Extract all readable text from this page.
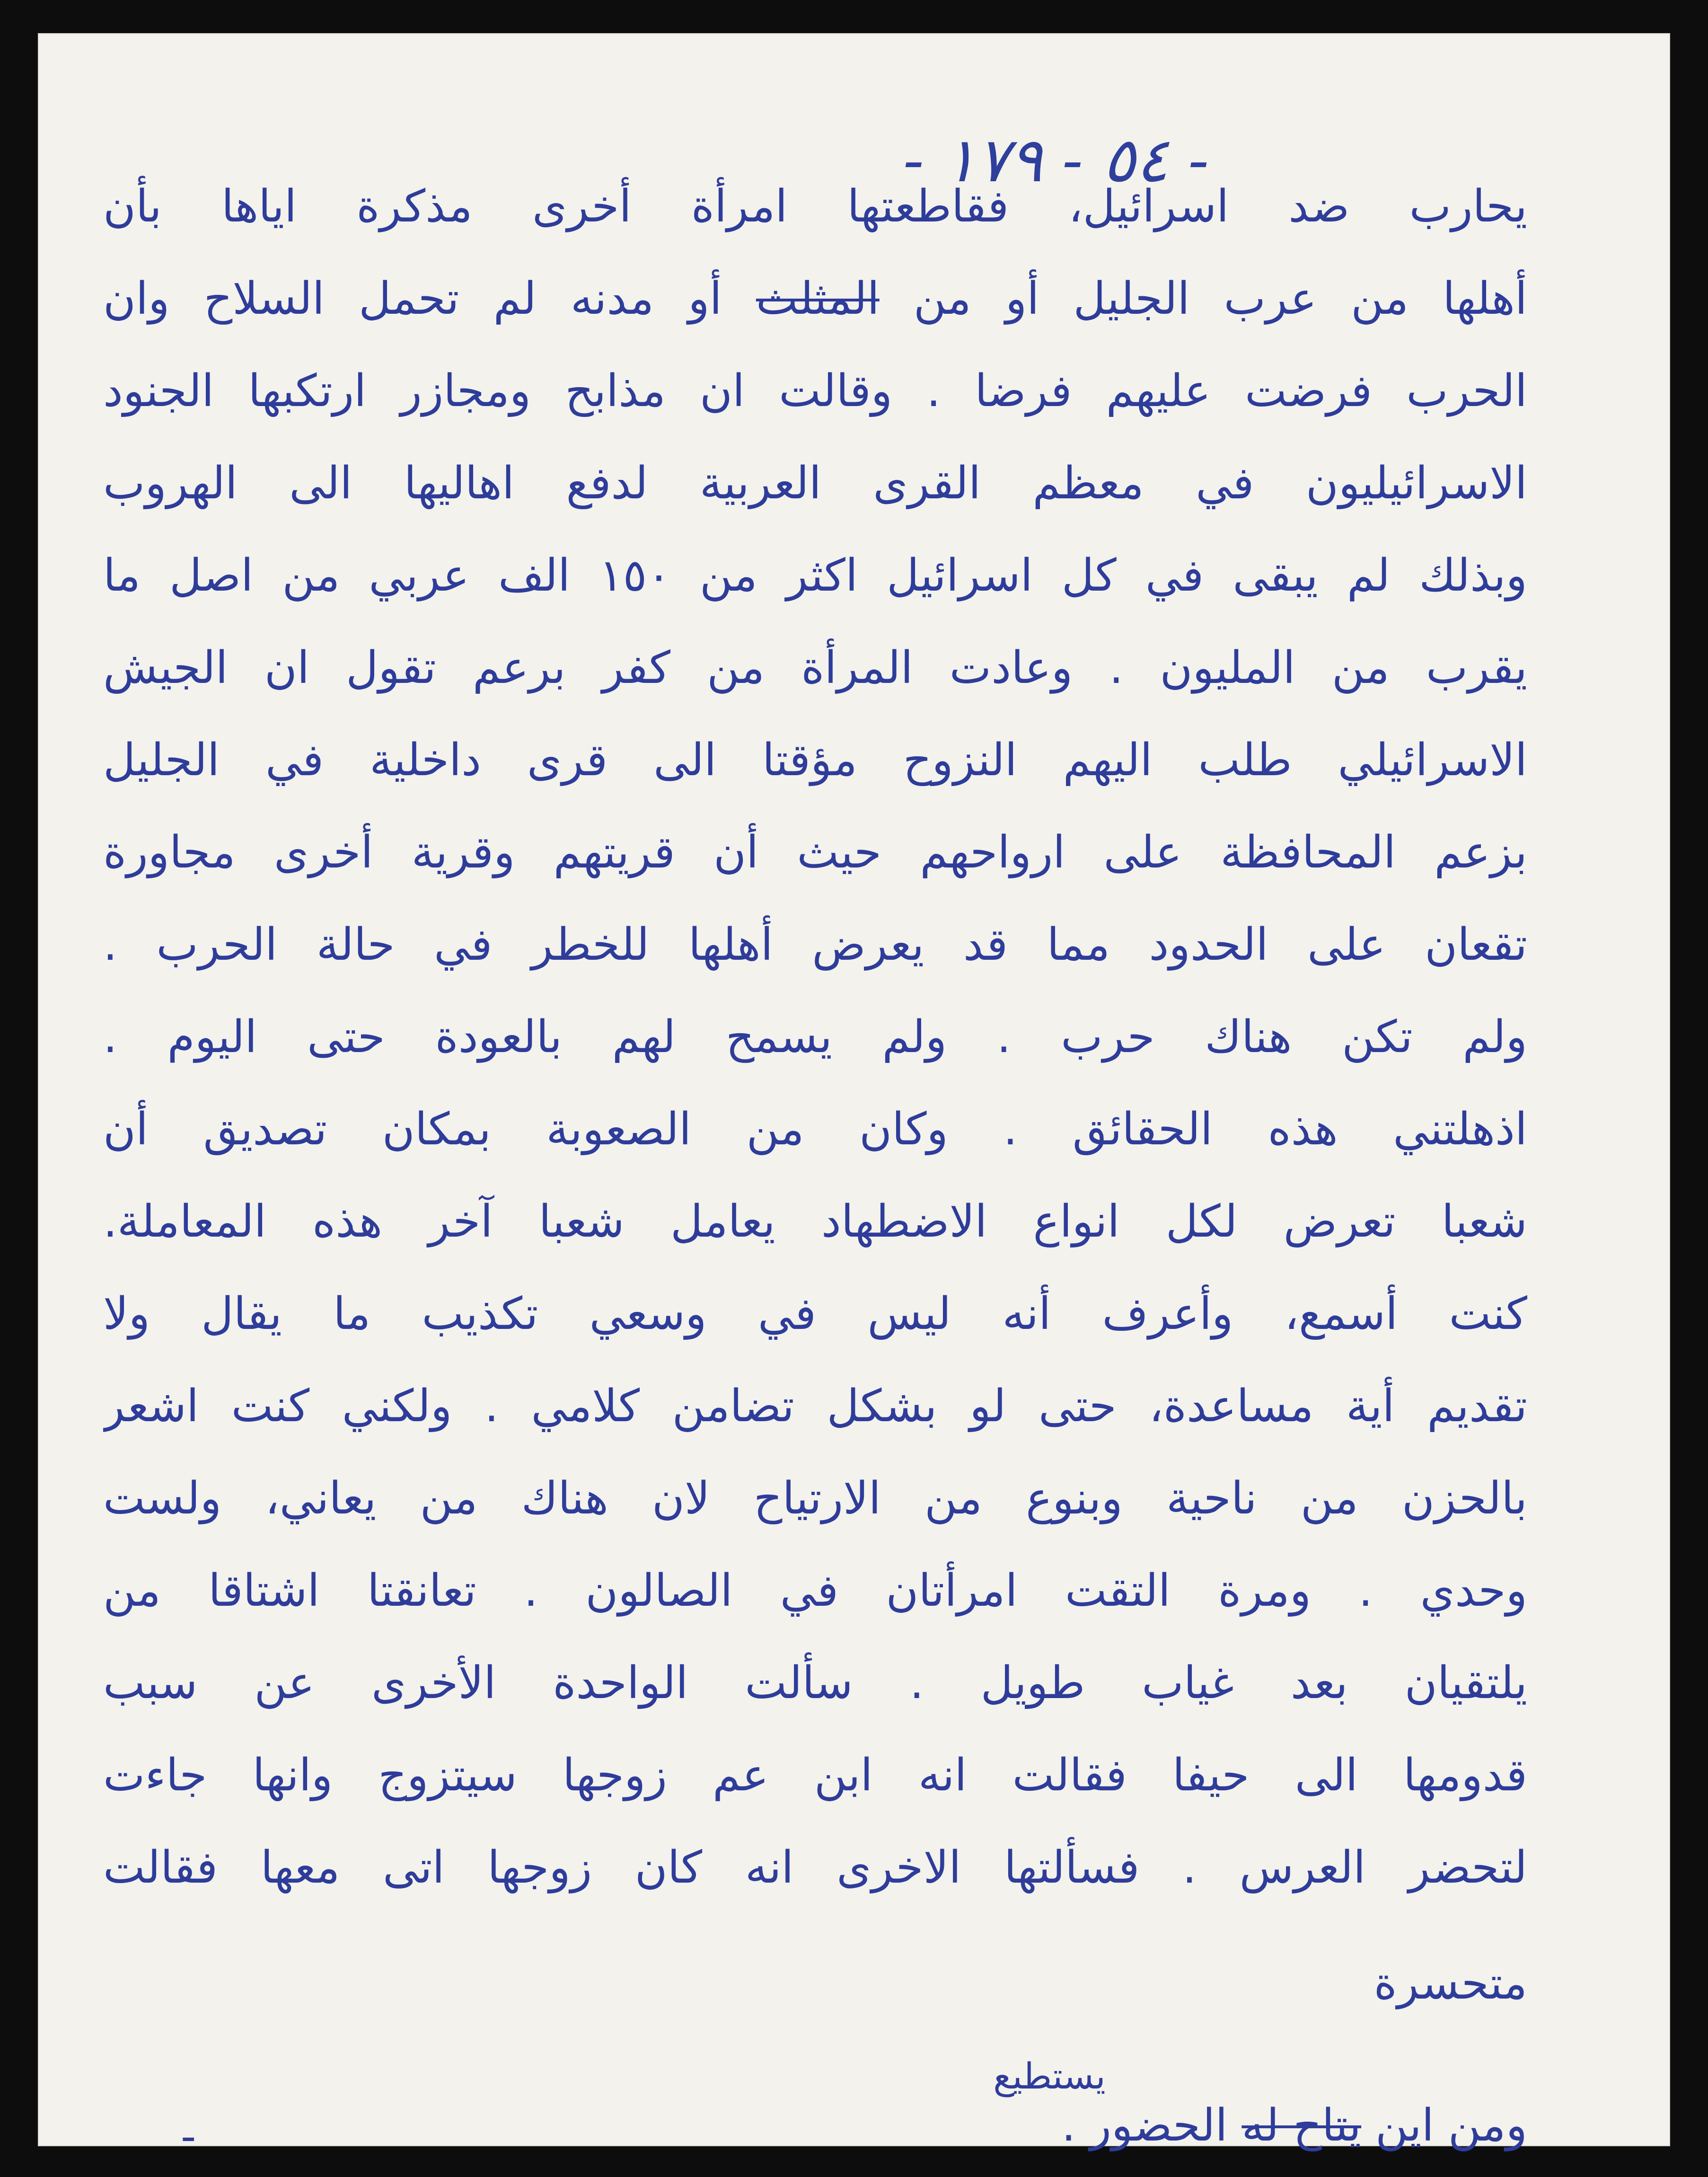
- ٥٤ - ١٧٩ -
يحارب ضد اسرائيل، فقاطعتها امرأة أخرى مذكرة اياها بأن
أهلها من عرب الجليل أو من المثلث أو مدنه لم تحمل السلاح وان
الحرب فرضت عليهم فرضا . وقالت ان مذابح ومجازر ارتكبها الجنود
الاسرائيليون في معظم القرى العربية لدفع اهاليها الى الهروب
وبذلك لم يبقى في كل اسرائيل اكثر من ١٥٠ الف عربي من اصل ما
يقرب من المليون . وعادت المرأة من كفر برعم تقول ان الجيش
الاسرائيلي طلب اليهم النزوح مؤقتا الى قرى داخلية في الجليل
بزعم المحافظة على ارواحهم حيث أن قريتهم وقرية أخرى مجاورة
تقعان على الحدود مما قد يعرض أهلها للخطر في حالة الحرب .
ولم تكن هناك حرب . ولم يسمح لهم بالعودة حتى اليوم .
اذهلتني هذه الحقائق . وكان من الصعوبة بمكان تصديق أن
شعبا تعرض لكل انواع الاضطهاد يعامل شعبا آخر هذه المعاملة.
كنت أسمع، وأعرف أنه ليس في وسعي تكذيب ما يقال ولا
تقديم أية مساعدة، حتى لو بشكل تضامن كلامي . ولكني كنت اشعر
بالحزن من ناحية وبنوع من الارتياح لان هناك من يعاني، ولست
وحدي . ومرة التقت امرأتان في الصالون . تعانقتا اشتاقا من
يلتقيان بعد غياب طويل . سألت الواحدة الأخرى عن سبب
قدومها الى حيفا فقالت انه ابن عم زوجها سيتزوج وانها جاءت
لتحضر العرس . فسألتها الاخرى انه كان زوجها اتى معها فقالت
متحسرة
ومن اين يتاح له الحضور .
يستطيع
-
